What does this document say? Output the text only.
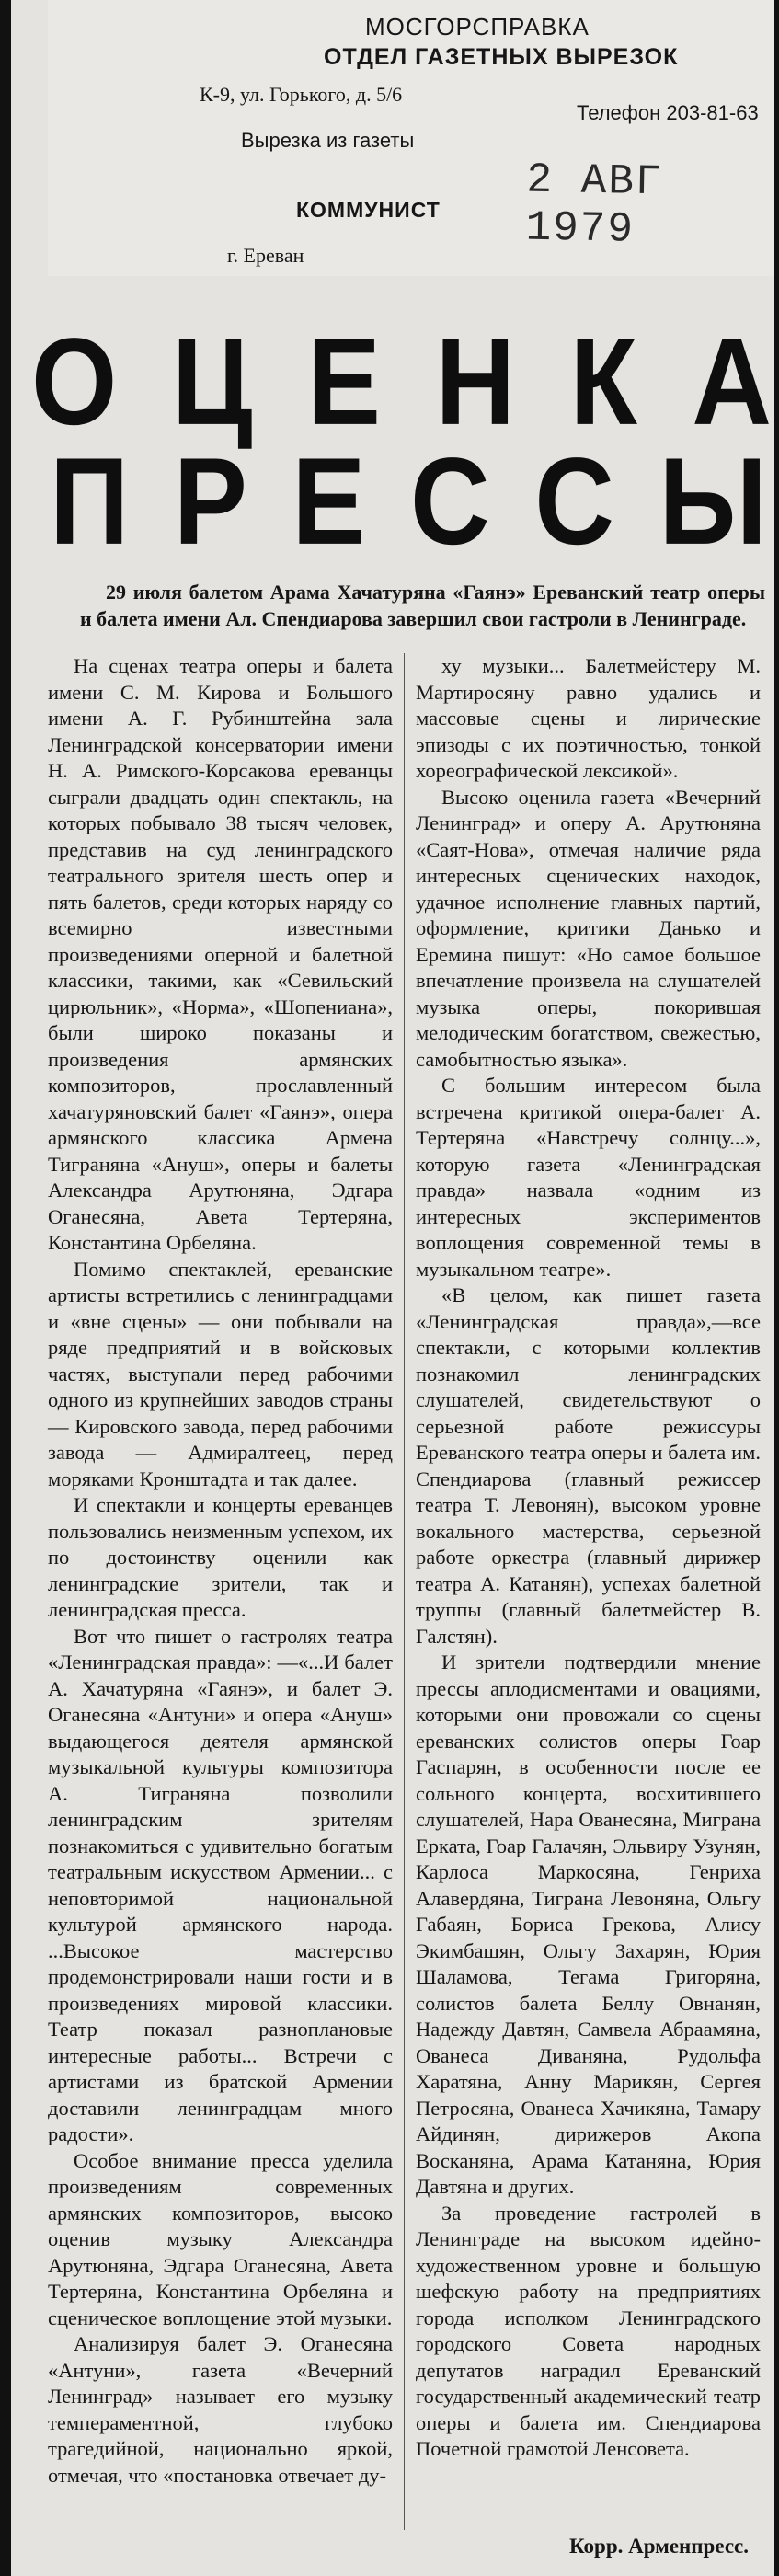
МОСГОРСПРАВКА
ОТДЕЛ ГАЗЕТНЫХ ВЫРЕЗОК
К-9, ул. Горького, д. 5/6
Телефон 203-81-63
Вырезка из газеты
КОММУНИСТ
г. Ереван
2 АВГ 1979
О Ц Е Н К А
П Р Е С С Ы

29 июля балетом Арама Хачатуряна «Гаянэ» Ереванский театр оперы и балета имени Ал. Спендиарова завершил свои гастроли в Ленинграде.

На сценах театра оперы и балета имени С. М. Кирова и Большого имени А. Г. Рубинштейна зала Ленинградской консерватории имени Н. А. Римского-Корсакова ереванцы сыграли двадцать один спектакль, на которых побывало 38 тысяч человек, представив на суд ленинградского театрального зрителя шесть опер и пять балетов, среди которых наряду со всемирно известными произведениями оперной и балетной классики, такими, как «Севильский цирюльник», «Норма», «Шопениана», были широко показаны и произведения армянских композиторов, прославленный хачатуряновский балет «Гаянэ», опера армянского классика Армена Тиграняна «Ануш», оперы и балеты Александра Арутюняна, Эдгара Оганесяна, Авета Тертеряна, Константина Орбеляна.

Помимо спектаклей, ереванские артисты встретились с ленинградцами и «вне сцены» — они побывали на ряде предприятий и в войсковых частях, выступали перед рабочими одного из крупнейших заводов страны — Кировского завода, перед рабочими завода — Адмиралтеец, перед моряками Кронштадта и так далее.

И спектакли и концерты ереванцев пользовались неизменным успехом, их по достоинству оценили как ленинградские зрители, так и ленинградская пресса.

Вот что пишет о гастролях театра «Ленинградская правда»: —«...И балет А. Хачатуряна «Гаянэ», и балет Э. Оганесяна «Антуни» и опера «Ануш» выдающегося деятеля армянской музыкальной культуры композитора А. Тиграняна позволили ленинградским зрителям познакомиться с удивительно богатым театральным искусством Армении... с неповторимой национальной культурой армянского народа. ...Высокое мастерство продемонстрировали наши гости и в произведениях мировой классики. Театр показал разноплановые интересные работы... Встречи с артистами из братской Армении доставили ленинградцам много радости».

Особое внимание пресса уделила произведениям современных армянских композиторов, высоко оценив музыку Александра Арутюняна, Эдгара Оганесяна, Авета Тертеряна, Константина Орбеляна и сценическое воплощение этой музыки.

Анализируя балет Э. Оганесяна «Антуни», газета «Вечерний Ленинград» называет его музыку темпераментной, глубоко трагедийной, национально яркой, отмечая, что «постановка отвечает ду-

ху музыки... Балетмейстеру М. Мартиросяну равно удались и массовые сцены и лирические эпизоды с их поэтичностью, тонкой хореографической лексикой».

Высоко оценила газета «Вечерний Ленинград» и оперу А. Арутюняна «Саят-Нова», отмечая наличие ряда интересных сценических находок, удачное исполнение главных партий, оформление, критики Данько и Еремина пишут: «Но самое большое впечатление произвела на слушателей музыка оперы, покорившая мелодическим богатством, свежестью, самобытностью языка».

С большим интересом была встречена критикой опера-балет А. Тертеряна «Навстречу солнцу...», которую газета «Ленинградская правда» назвала «одним из интересных экспериментов воплощения современной темы в музыкальном театре».

«В целом, как пишет газета «Ленинградская правда»,—все спектакли, с которыми коллектив познакомил ленинградских слушателей, свидетельствуют о серьезной работе режиссуры Ереванского театра оперы и балета им. Спендиарова (главный режиссер театра Т. Левонян), высоком уровне вокального мастерства, серьезной работе оркестра (главный дирижер театра А. Катанян), успехах балетной труппы (главный балетмейстер В. Галстян).

И зрители подтвердили мнение прессы аплодисментами и овациями, которыми они провожали со сцены ереванских солистов оперы Гоар Гаспарян, в особенности после ее сольного концерта, восхитившего слушателей, Нара Ованесяна, Миграна Ерката, Гоар Галачян, Эльвиру Узунян, Карлоса Маркосяна, Генриха Алавердяна, Тиграна Левоняна, Ольгу Габаян, Бориса Грекова, Алису Экимбашян, Ольгу Захарян, Юрия Шаламова, Тегама Григоряна, солистов балета Беллу Овнанян, Надежду Давтян, Самвела Абраамяна, Ованеса Диваняна, Рудольфа Харатяна, Анну Марикян, Сергея Петросяна, Ованеса Хачикяна, Тамару Айдинян, дирижеров Акопа Восканяна, Арама Катаняна, Юрия Давтяна и других.

За проведение гастролей в Ленинграде на высоком идейно-художественном уровне и большую шефскую работу на предприятиях города исполком Ленинградского городского Совета народных депутатов наградил Ереванский государственный академический театр оперы и балета им. Спендиарова Почетной грамотой Ленсовета.

Корр. Арменпресс.
